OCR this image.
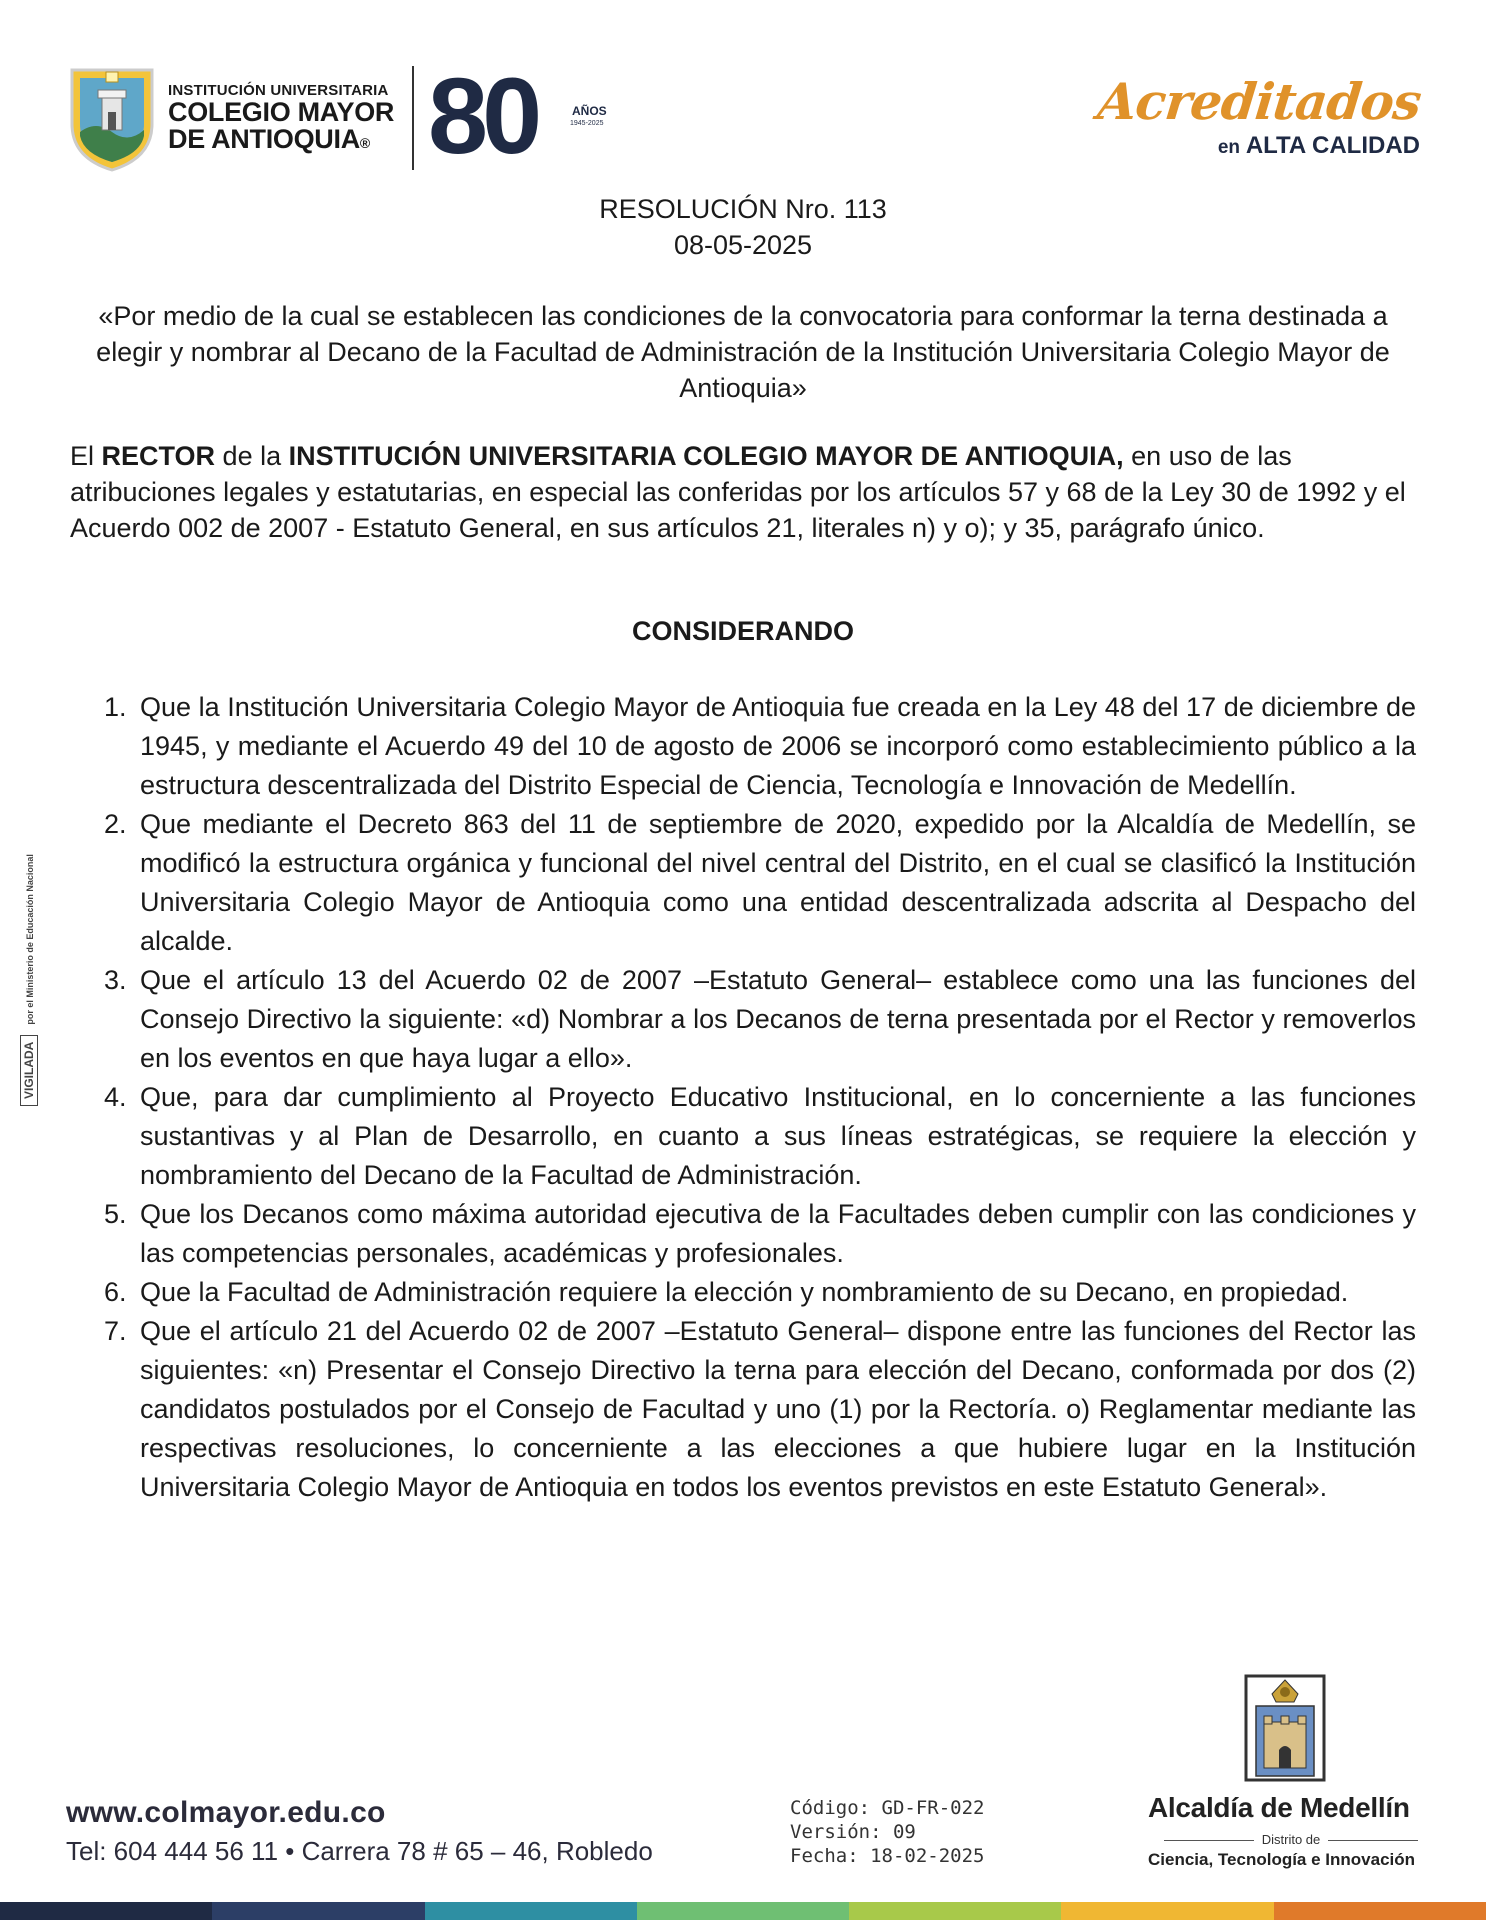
INSTITUCIÓN UNIVERSITARIA
COLEGIO MAYOR
DE ANTIOQUIA® 80	AÑOS
1945-2025	Acreditados
en ALTA CALIDAD
RESOLUCIÓN Nro. 113
08-05-2025
«Por medio de la cual se establecen las condiciones de la convocatoria para conformar la terna destinada a elegir y nombrar al Decano de la Facultad de Administración de la Institución Universitaria Colegio Mayor de Antioquia»
El RECTOR de la INSTITUCIÓN UNIVERSITARIA COLEGIO MAYOR DE ANTIOQUIA, en uso de las atribuciones legales y estatutarias, en especial las conferidas por los artículos 57 y 68 de la Ley 30 de 1992 y el Acuerdo 002 de 2007 - Estatuto General, en sus artículos 21, literales n) y o); y 35, parágrafo único.
CONSIDERANDO
1. Que la Institución Universitaria Colegio Mayor de Antioquia fue creada en la Ley 48 del 17 de diciembre de 1945, y mediante el Acuerdo 49 del 10 de agosto de 2006 se incorporó como establecimiento público a la estructura descentralizada del Distrito Especial de Ciencia, Tecnología e Innovación de Medellín.
2. Que mediante el Decreto 863 del 11 de septiembre de 2020, expedido por la Alcaldía de Medellín, se modificó la estructura orgánica y funcional del nivel central del Distrito, en el cual se clasificó la Institución Universitaria Colegio Mayor de Antioquia como una entidad descentralizada adscrita al Despacho del alcalde.
3. Que el artículo 13 del Acuerdo 02 de 2007 –Estatuto General– establece como una las funciones del Consejo Directivo la siguiente: «d) Nombrar a los Decanos de terna presentada por el Rector y removerlos en los eventos en que haya lugar a ello».
4. Que, para dar cumplimiento al Proyecto Educativo Institucional, en lo concerniente a las funciones sustantivas y al Plan de Desarrollo, en cuanto a sus líneas estratégicas, se requiere la elección y nombramiento del Decano de la Facultad de Administración.
5. Que los Decanos como máxima autoridad ejecutiva de la Facultades deben cumplir con las condiciones y las competencias personales, académicas y profesionales.
6. Que la Facultad de Administración requiere la elección y nombramiento de su Decano, en propiedad.
7. Que el artículo 21 del Acuerdo 02 de 2007 –Estatuto General– dispone entre las funciones del Rector las siguientes: «n) Presentar el Consejo Directivo la terna para elección del Decano, conformada por dos (2) candidatos postulados por el Consejo de Facultad y uno (1) por la Rectoría. o) Reglamentar mediante las respectivas resoluciones, lo concerniente a las elecciones a que hubiere lugar en la Institución Universitaria Colegio Mayor de Antioquia en todos los eventos previstos en este Estatuto General».
VIGILADApor el Ministerio de Educación Nacional
www.colmayor.edu.co
Tel: 604 444 56 11 • Carrera 78 # 65 – 46, Robledo
Código: GD-FR-022
Versión: 09
Fecha: 18-02-2025
Alcaldía de Medellín
Distrito de
Ciencia, Tecnología e Innovación
